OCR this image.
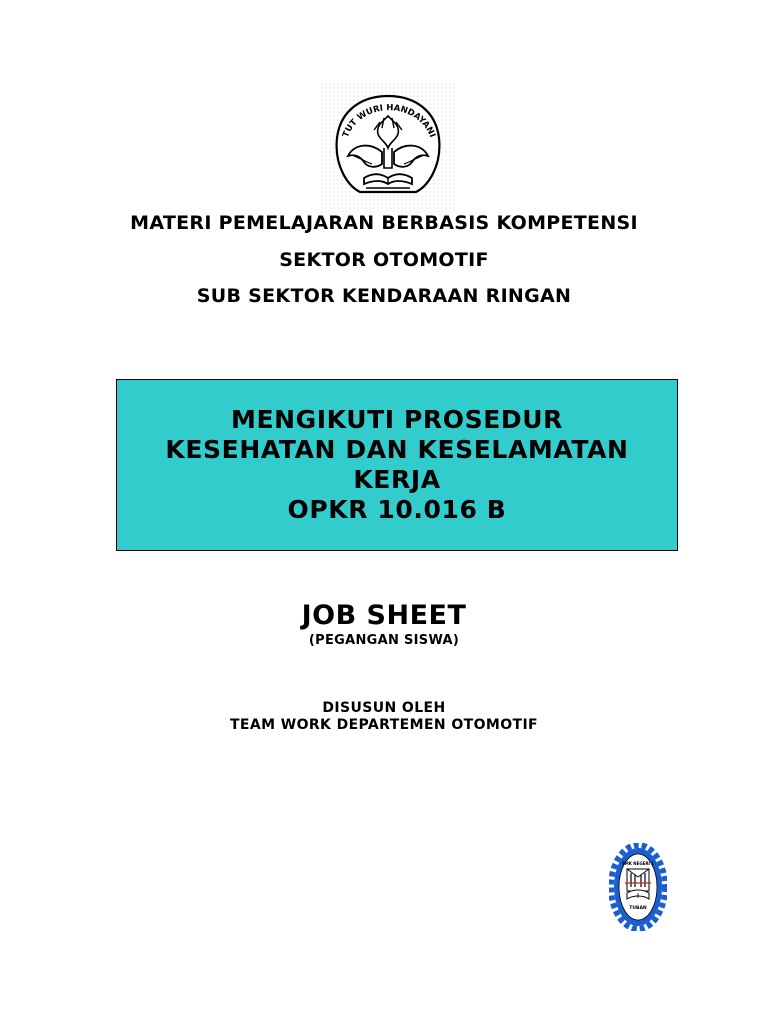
TUT WURI HANDAYANI
MATERI PEMELAJARAN BERBASIS KOMPETENSI
SEKTOR OTOMOTIF
SUB SEKTOR KENDARAAN RINGAN
MENGIKUTI PROSEDUR
KESEHATAN DAN KESELAMATAN
KERJA
OPKR 10.016 B
JOB SHEET
(PEGANGAN SISWA)
DISUSUN OLEH
TEAM WORK DEPARTEMEN OTOMOTIF
SMK NEGERI 1
TUBAN
